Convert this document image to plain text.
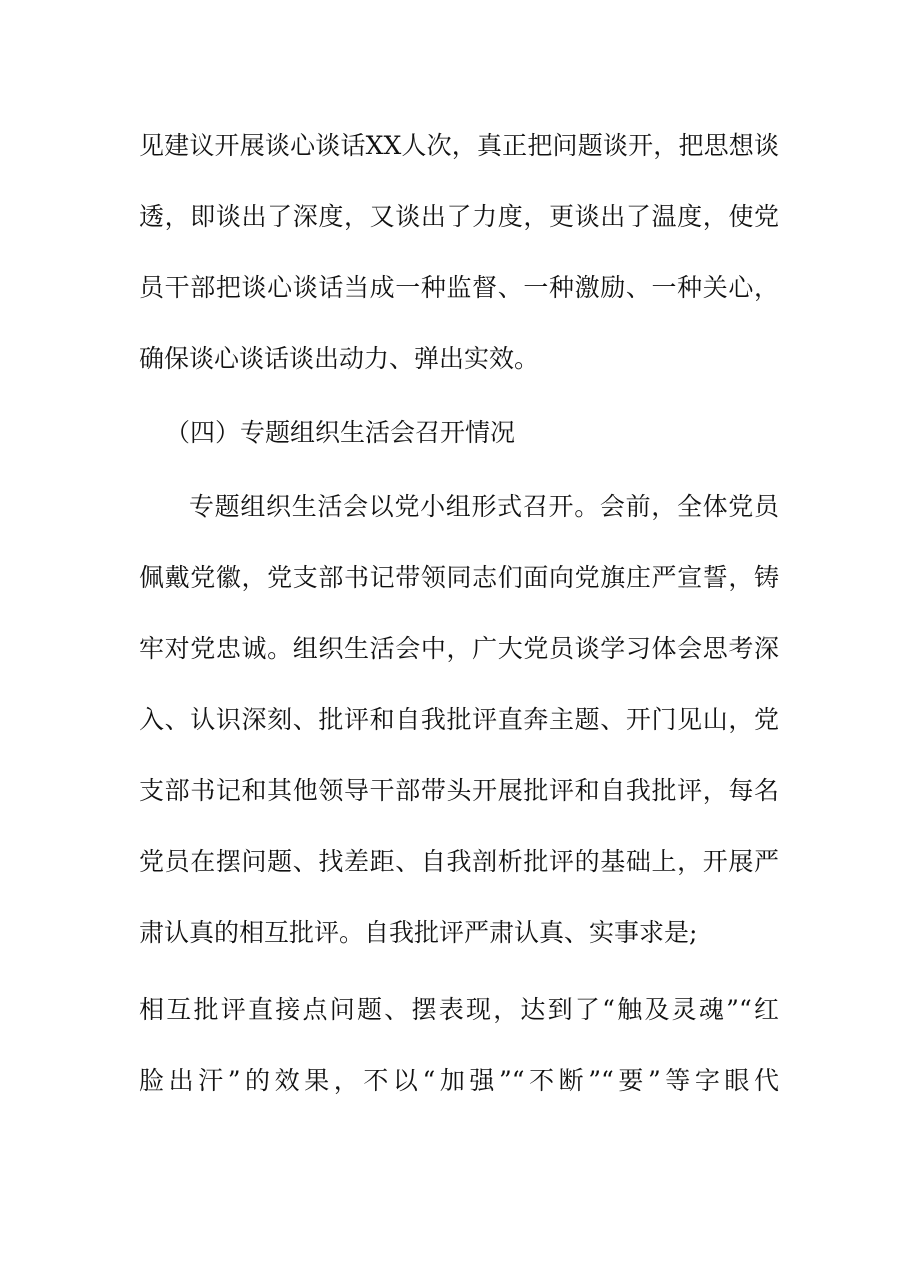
见建议开展谈心谈话XX人次，真正把问题谈开，把思想谈
透，即谈出了深度，又谈出了力度，更谈出了温度，使党
员干部把谈心谈话当成一种监督、一种激励、一种关心，
确保谈心谈话谈出动力、弹出实效。
（四）专题组织生活会召开情况
专题组织生活会以党小组形式召开。会前，全体党员
佩戴党徽，党支部书记带领同志们面向党旗庄严宣誓，铸
牢对党忠诚。组织生活会中，广大党员谈学习体会思考深
入、认识深刻、批评和自我批评直奔主题、开门见山，党
支部书记和其他领导干部带头开展批评和自我批评，每名
党员在摆问题、找差距、自我剖析批评的基础上，开展严
肃认真的相互批评。自我批评严肃认真、实事求是;
相互批评直接点问题、摆表现，达到了“触及灵魂”“红
脸出汗”的效果，不以“加强”“不断”“要”等字眼代
